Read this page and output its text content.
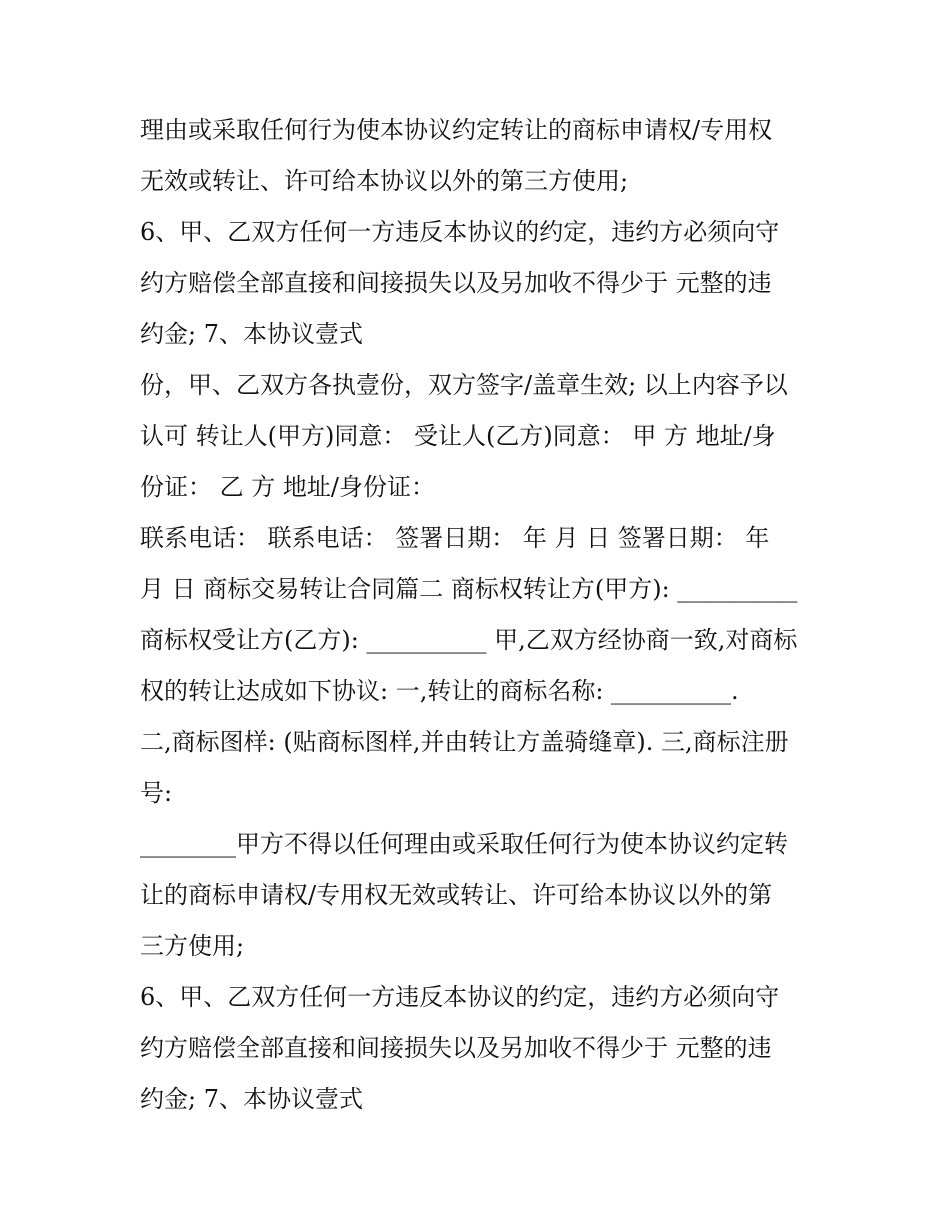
理由或采取任何行为使本协议约定转让的商标申请权/专用权
无效或转让、许可给本协议以外的第三方使用;
6、甲、乙双方任何一方违反本协议的约定，违约方必须向守
约方赔偿全部直接和间接损失以及另加收不得少于 元整的违
约金; 7、本协议壹式
份，甲、乙双方各执壹份，双方签字/盖章生效; 以上内容予以
认可 转让人(甲方)同意： 受让人(乙方)同意： 甲 方 地址/身
份证： 乙 方 地址/身份证：
联系电话： 联系电话： 签署日期： 年 月 日 签署日期： 年
月 日 商标交易转让合同篇二 商标权转让方(甲方): __________
商标权受让方(乙方): __________ 甲,乙双方经协商一致,对商标
权的转让达成如下协议: 一,转让的商标名称: __________.
二,商标图样: (贴商标图样,并由转让方盖骑缝章). 三,商标注册
号:
________甲方不得以任何理由或采取任何行为使本协议约定转
让的商标申请权/专用权无效或转让、许可给本协议以外的第
三方使用;
6、甲、乙双方任何一方违反本协议的约定，违约方必须向守
约方赔偿全部直接和间接损失以及另加收不得少于 元整的违
约金; 7、本协议壹式
